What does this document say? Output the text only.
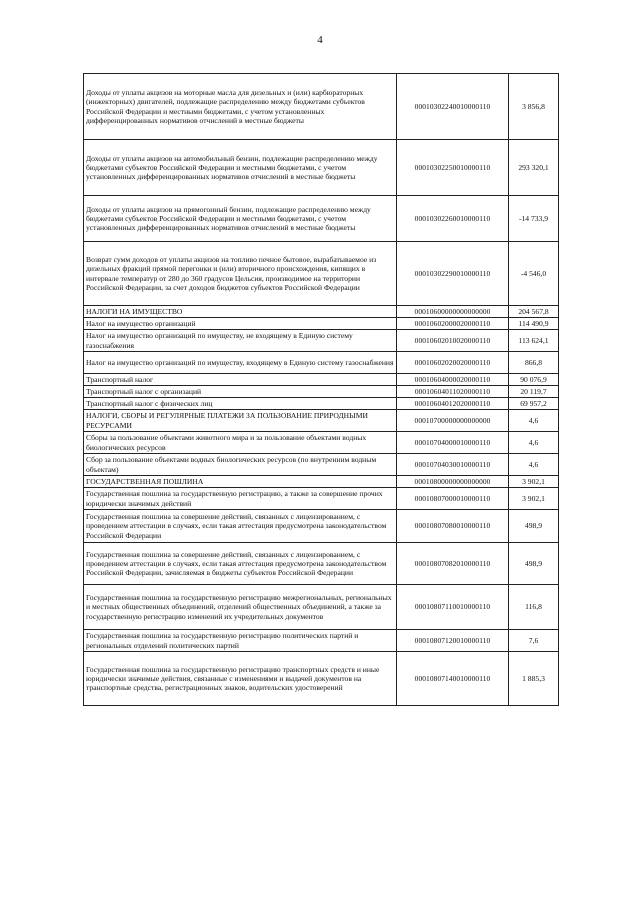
4
Доходы от уплаты акцизов на моторные масла для дизельных и (или) карбюраторных (инжекторных) двигателей, подлежащие распределению между бюджетами субъектов Российской Федерации и местными бюджетами, с учетом установленных дифференцированных нормативов отчислений в местные бюджеты	00010302240010000110	3 856,8
Доходы от уплаты акцизов на автомобильный бензин, подлежащие распределению между бюджетами субъектов Российской Федерации и местными бюджетами, с учетом установленных дифференцированных нормативов отчислений в местные бюджеты	00010302250010000110	293 320,1
Доходы от уплаты акцизов на прямогонный бензин, подлежащие распределению между бюджетами субъектов Российской Федерации и местными бюджетами, с учетом установленных дифференцированных нормативов отчислений в местные бюджеты	00010302260010000110	-14 733,9
Возврат сумм доходов от уплаты акцизов на топливо печное бытовое, вырабатываемое из дизельных фракций прямой перегонки и (или) вторичного происхождения, кипящих в интервале температур от 280 до 360 градусов Цельсия, производимое на территории Российской Федерации, за счет доходов бюджетов субъектов Российской Федерации	00010302290010000110	-4 546,0
НАЛОГИ НА ИМУЩЕСТВО	00010600000000000000	204 567,8
Налог на имущество организаций	00010602000020000110	114 490,9
Налог на имущество организаций по имуществу, не входящему в Единую систему газоснабжения	00010602010020000110	113 624,1
Налог на имущество организаций по имуществу, входящему в Единую систему газоснабжения	00010602020020000110	866,8
Транспортный налог	00010604000020000110	90 076,9
Транспортный налог с организаций	00010604011020000110	20 119,7
Транспортный налог с физических лиц	00010604012020000110	69 957,2
НАЛОГИ, СБОРЫ И РЕГУЛЯРНЫЕ ПЛАТЕЖИ ЗА ПОЛЬЗОВАНИЕ ПРИРОДНЫМИ РЕСУРСАМИ	00010700000000000000	4,6
Сборы за пользование объектами животного мира и за пользование объектами водных биологических ресурсов	00010704000010000110	4,6
Сбор за пользование объектами водных биологических ресурсов (по внутренним водным объектам)	00010704030010000110	4,6
ГОСУДАРСТВЕННАЯ ПОШЛИНА	00010800000000000000	3 902,1
Государственная пошлина за государственную регистрацию, а также за совершение прочих юридически значимых действий	00010807000010000110	3 902,1
Государственная пошлина за совершение действий, связанных с лицензированием, с проведением аттестации в случаях, если такая аттестация предусмотрена законодательством Российской Федерации	00010807080010000110	498,9
Государственная пошлина за совершение действий, связанных с лицензированием, с проведением аттестации в случаях, если такая аттестация предусмотрена законодательством Российской Федерации, зачисляемая в бюджеты субъектов Российской Федерации	00010807082010000110	498,9
Государственная пошлина за государственную регистрацию межрегиональных, региональных и местных общественных объединений, отделений общественных объединений, а также за государственную регистрацию изменений их учредительных документов	00010807110010000110	116,8
Государственная пошлина за государственную регистрацию политических партий и региональных отделений политических партий	00010807120010000110	7,6
Государственная пошлина за государственную регистрацию транспортных средств и иные юридически значимые действия, связанные с изменениями и выдачей документов на транспортные средства, регистрационных знаков, водительских удостоверений	00010807140010000110	1 885,3
